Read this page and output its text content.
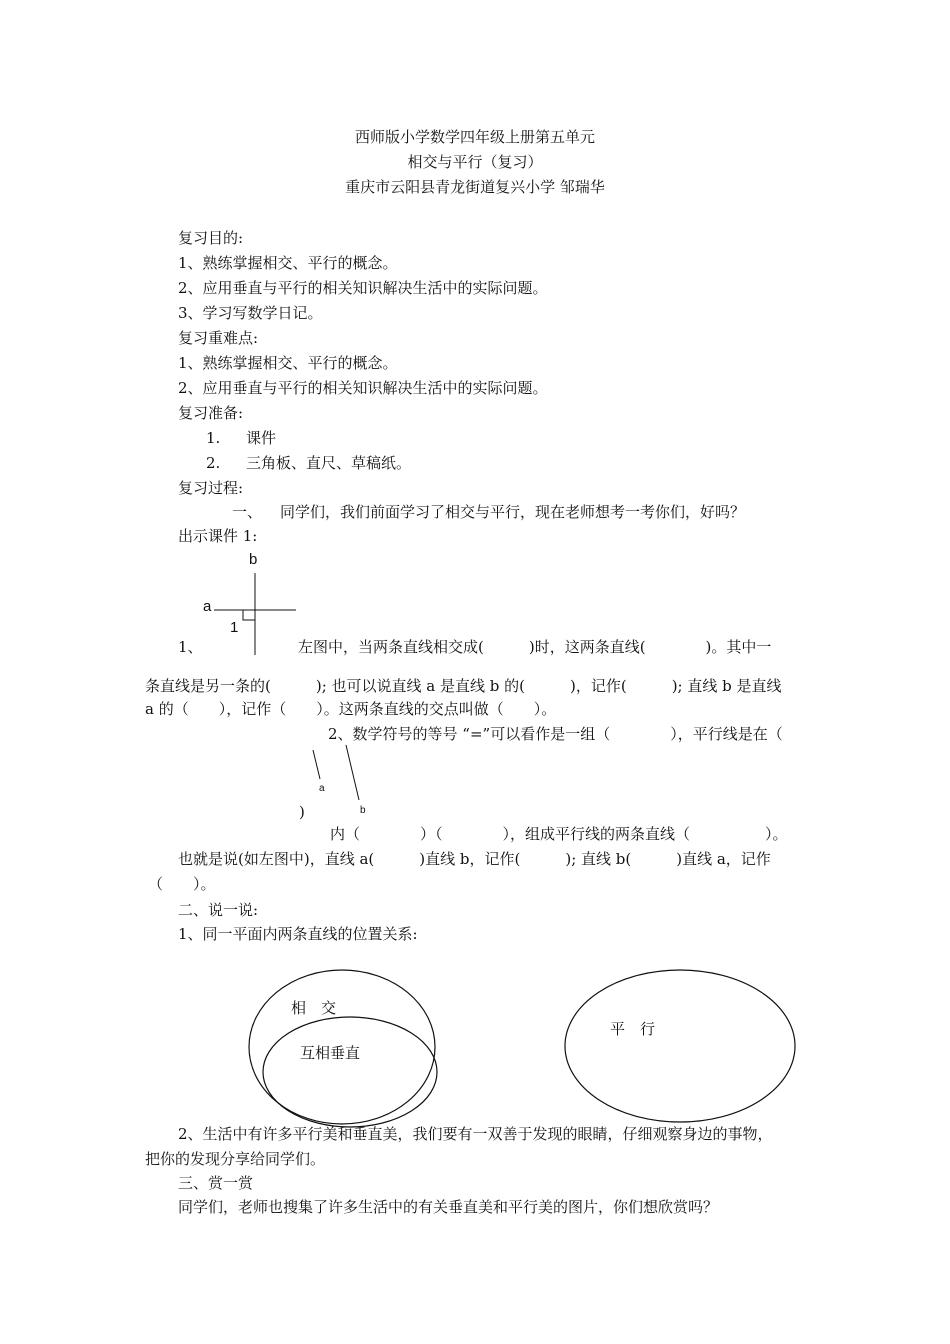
西师版小学数学四年级上册第五单元
相交与平行（复习）
重庆市云阳县青龙街道复兴小学 邹瑞华
复习目的:
1、熟练掌握相交、平行的概念。
2、应用垂直与平行的相关知识解决生活中的实际问题。
3、学习写数学日记。
复习重难点:
1、熟练掌握相交、平行的概念。
2、应用垂直与平行的相关知识解决生活中的实际问题。
复习准备:
1. 课件
2. 三角板、直尺、草稿纸。
复习过程:
一、 同学们，我们前面学习了相交与平行，现在老师想考一考你们，好吗？
出示课件 1:
b
a
1
1、	左图中，当两条直线相交成(　　　)时，这两条直线(　　　　)。其中一
条直线是另一条的(　　　); 也可以说直线 a 是直线 b 的(　　　)，记作(　　　); 直线 b 是直线
a 的（　　），记作（　　）。这两条直线的交点叫做（　　）。
2、数学符号的等号 “=”可以看作是一组（　　　　），平行线是在（
a
b
)
内（　　　　）（　　　　），组成平行线的两条直线（　　　　　）。
也就是说(如左图中)，直线 a(　　　)直线 b，记作(　　　); 直线 b(　　　)直线 a，记作
（　　）。
二、说一说:
1、同一平面内两条直线的位置关系:
相　交
互相垂直
平　行
2、生活中有许多平行美和垂直美，我们要有一双善于发现的眼睛，仔细观察身边的事物，
把你的发现分享给同学们。
三、赏一赏
同学们，老师也搜集了许多生活中的有关垂直美和平行美的图片，你们想欣赏吗？
